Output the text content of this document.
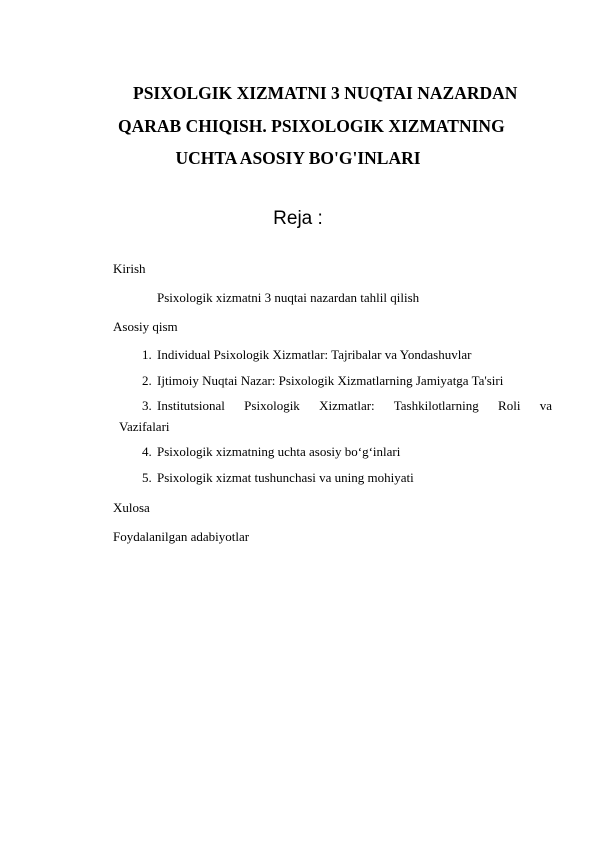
PSIXOLGIK XIZMATNI 3 NUQTAI NAZARDAN
QARAB CHIQISH. PSIXOLOGIK XIZMATNING
UCHTA ASOSIY BO'G'INLARI
Reja :
Kirish
Psixologik xizmatni 3 nuqtai nazardan tahlil qilish
Asosiy qism
1. Individual Psixologik Xizmatlar: Tajribalar va Yondashuvlar
2. Ijtimoiy Nuqtai Nazar: Psixologik Xizmatlarning Jamiyatga Ta'siri
3. Institutsional Psixologik Xizmatlar: Tashkilotlarning Roli va
Vazifalari
4. Psixologik xizmatning uchta asosiy bo‘g‘inlari
5. Psixologik xizmat tushunchasi va uning mohiyati
Xulosa
Foydalanilgan adabiyotlar
